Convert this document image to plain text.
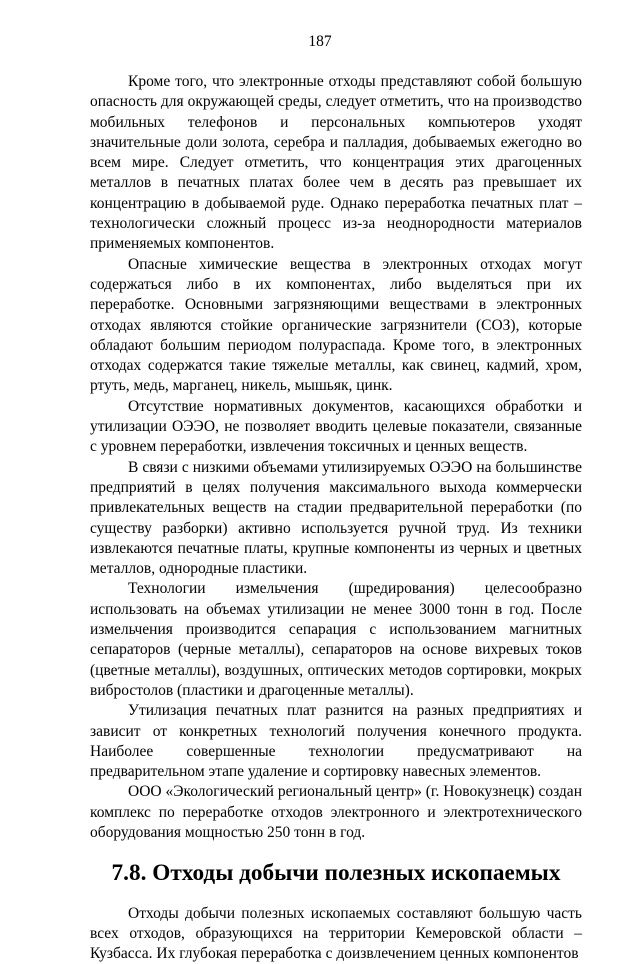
187

Кроме того, что электронные отходы представляют собой большую опасность для окружающей среды, следует отметить, что на производство мобильных телефонов и персональных компьютеров уходят значительные доли золота, серебра и палладия, добываемых ежегодно во всем мире. Следует отметить, что концентрация этих драгоценных металлов в печатных платах более чем в десять раз превышает их концентрацию в добываемой руде. Однако переработка печатных плат – технологически сложный процесс из-за неоднородности материалов применяемых компонентов.

Опасные химические вещества в электронных отходах могут содержаться либо в их компонентах, либо выделяться при их переработке. Основными загрязняющими веществами в электронных отходах являются стойкие органические загрязнители (СОЗ), которые обладают большим периодом полураспада. Кроме того, в электронных отходах содержатся такие тяжелые металлы, как свинец, кадмий, хром, ртуть, медь, марганец, никель, мышьяк, цинк.

Отсутствие нормативных документов, касающихся обработки и утилизации ОЭЭО, не позволяет вводить целевые показатели, связанные с уровнем переработки, извлечения токсичных и ценных веществ.

В связи с низкими объемами утилизируемых ОЭЭО на большинстве предприятий в целях получения максимального выхода коммерчески привлекательных веществ на стадии предварительной переработки (по существу разборки) активно используется ручной труд. Из техники извлекаются печатные платы, крупные компоненты из черных и цветных металлов, однородные пластики.

Технологии измельчения (шредирования) целесообразно использовать на объемах утилизации не менее 3000 тонн в год. После измельчения производится сепарация с использованием магнитных сепараторов (черные металлы), сепараторов на основе вихревых токов (цветные металлы), воздушных, оптических методов сортировки, мокрых вибростолов (пластики и драгоценные металлы).

Утилизация печатных плат разнится на разных предприятиях и зависит от конкретных технологий получения конечного продукта. Наиболее совершенные технологии предусматривают на предварительном этапе удаление и сортировку навесных элементов.

ООО «Экологический региональный центр» (г. Новокузнецк) создан комплекс по переработке отходов электронного и электротехнического оборудования мощностью 250 тонн в год.

7.8. Отходы добычи полезных ископаемых

Отходы добычи полезных ископаемых составляют большую часть всех отходов, образующихся на территории Кемеровской области – Кузбасса. Их глубокая переработка с доизвлечением ценных компонентов
